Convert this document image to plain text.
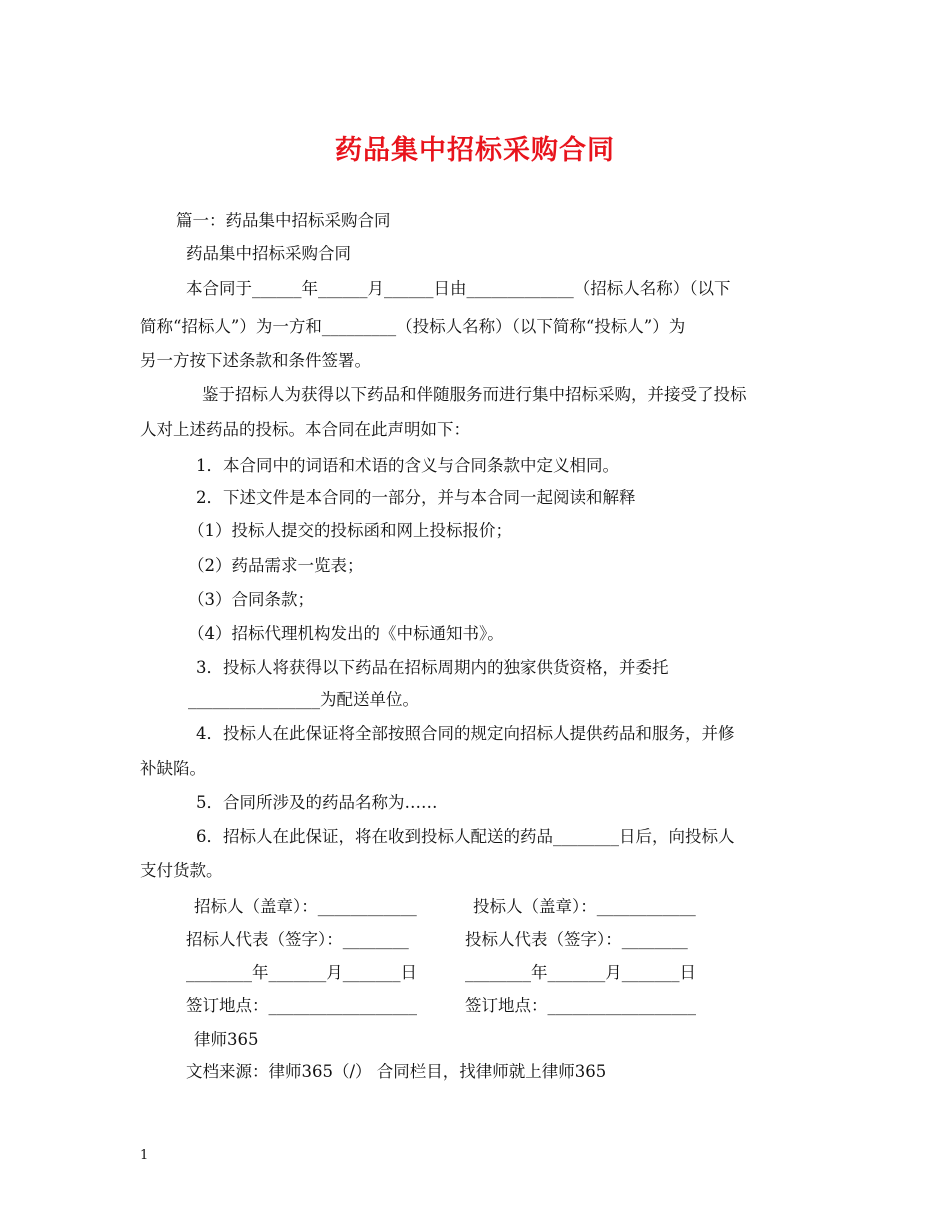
药品集中招标采购合同
篇一：药品集中招标采购合同
药品集中招标采购合同
本合同于______年______月______日由_____________（招标人名称）（以下
简称“招标人”）为一方和_________（投标人名称）（以下简称“投标人”）为
另一方按下述条款和条件签署。
鉴于招标人为获得以下药品和伴随服务而进行集中招标采购，并接受了投标
人对上述药品的投标。本合同在此声明如下：
1．本合同中的词语和术语的含义与合同条款中定义相同。
2．下述文件是本合同的一部分，并与本合同一起阅读和解释
（1）投标人提交的投标函和网上投标报价；
（2）药品需求一览表；
（3）合同条款；
（4）招标代理机构发出的《中标通知书》。
3．投标人将获得以下药品在招标周期内的独家供货资格，并委托
________________为配送单位。
4．投标人在此保证将全部按照合同的规定向招标人提供药品和服务，并修
补缺陷。
5．合同所涉及的药品名称为……
6．招标人在此保证，将在收到投标人配送的药品________日后，向投标人
支付货款。
招标人（盖章）：____________	投标人（盖章）：____________
招标人代表（签字）：________	投标人代表（签字）：________
________年_______月_______日	________年_______月_______日
签订地点：__________________	签订地点：__________________
律师365
文档来源：律师365（/） 合同栏目，找律师就上律师365
1
